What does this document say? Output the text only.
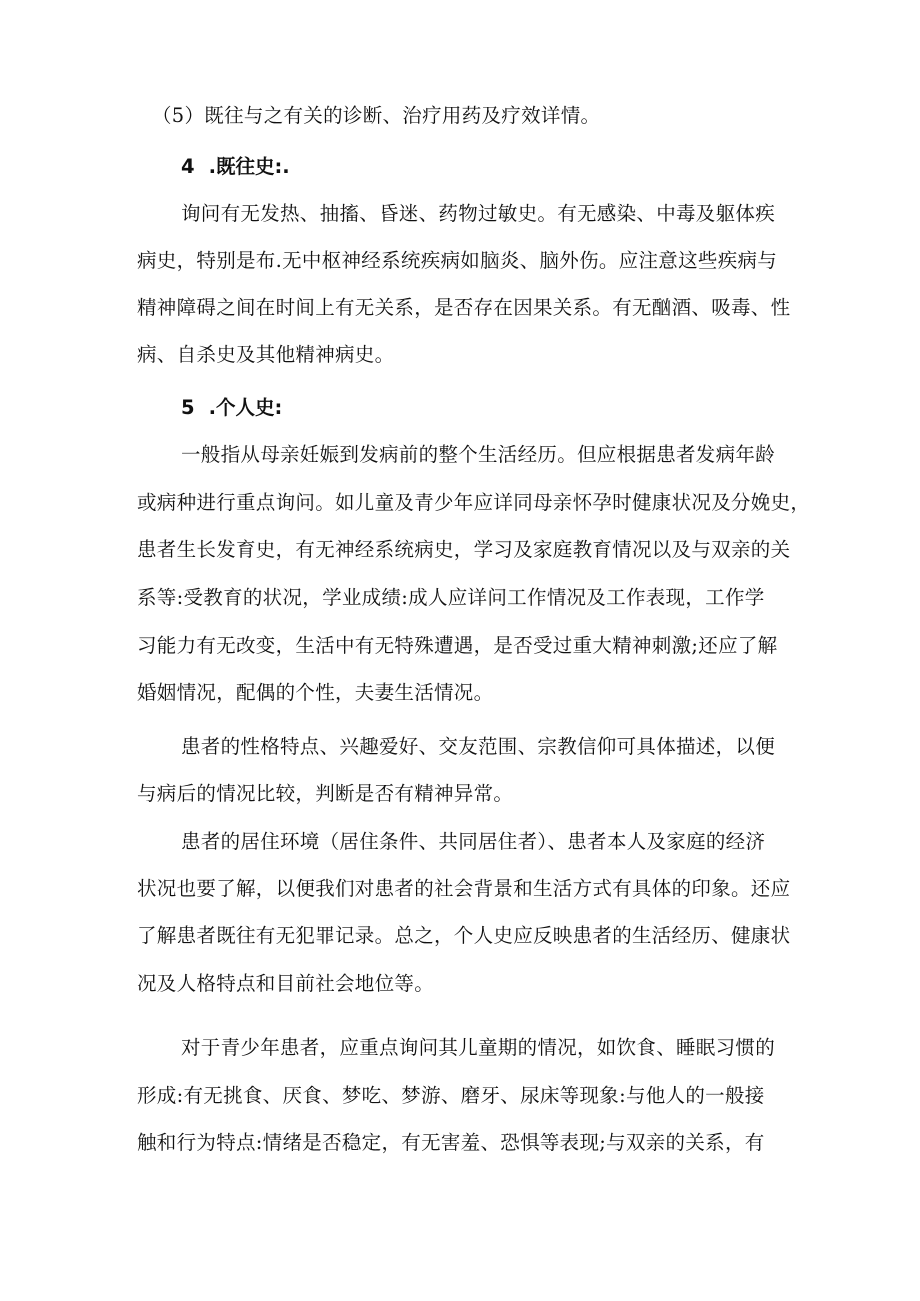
（5）既往与之有关的诊断、治疗用药及疗效详情。
4 .既往史:.
询问有无发热、抽搐、昏迷、药物过敏史。有无感染、中毒及躯体疾
病史，特别是布.无中枢神经系统疾病如脑炎、脑外伤。应注意这些疾病与
精神障碍之间在时间上有无关系，是否存在因果关系。有无酗酒、吸毒、性
病、自杀史及其他精神病史。
5 .个人史:
一般指从母亲妊娠到发病前的整个生活经历。但应根据患者发病年龄
或病种进行重点询问。如儿童及青少年应详同母亲怀孕时健康状况及分娩史，
患者生长发育史，有无神经系统病史，学习及家庭教育情况以及与双亲的关
系等:受教育的状况，学业成绩:成人应详问工作情况及工作表现，工作学
习能力有无改变，生活中有无特殊遭遇，是否受过重大精神刺激;还应了解
婚姻情况，配偶的个性，夫妻生活情况。
患者的性格特点、兴趣爱好、交友范围、宗教信仰可具体描述，以便
与病后的情况比较，判断是否有精神异常。
患者的居住环境（居住条件、共同居住者）、患者本人及家庭的经济
状况也要了解，以便我们对患者的社会背景和生活方式有具体的印象。还应
了解患者既往有无犯罪记录。总之，个人史应反映患者的生活经历、健康状
况及人格特点和目前社会地位等。
对于青少年患者，应重点询问其儿童期的情况，如饮食、睡眠习惯的
形成:有无挑食、厌食、梦吃、梦游、磨牙、尿床等现象:与他人的一般接
触和行为特点:情绪是否稳定，有无害羞、恐惧等表现;与双亲的关系，有
